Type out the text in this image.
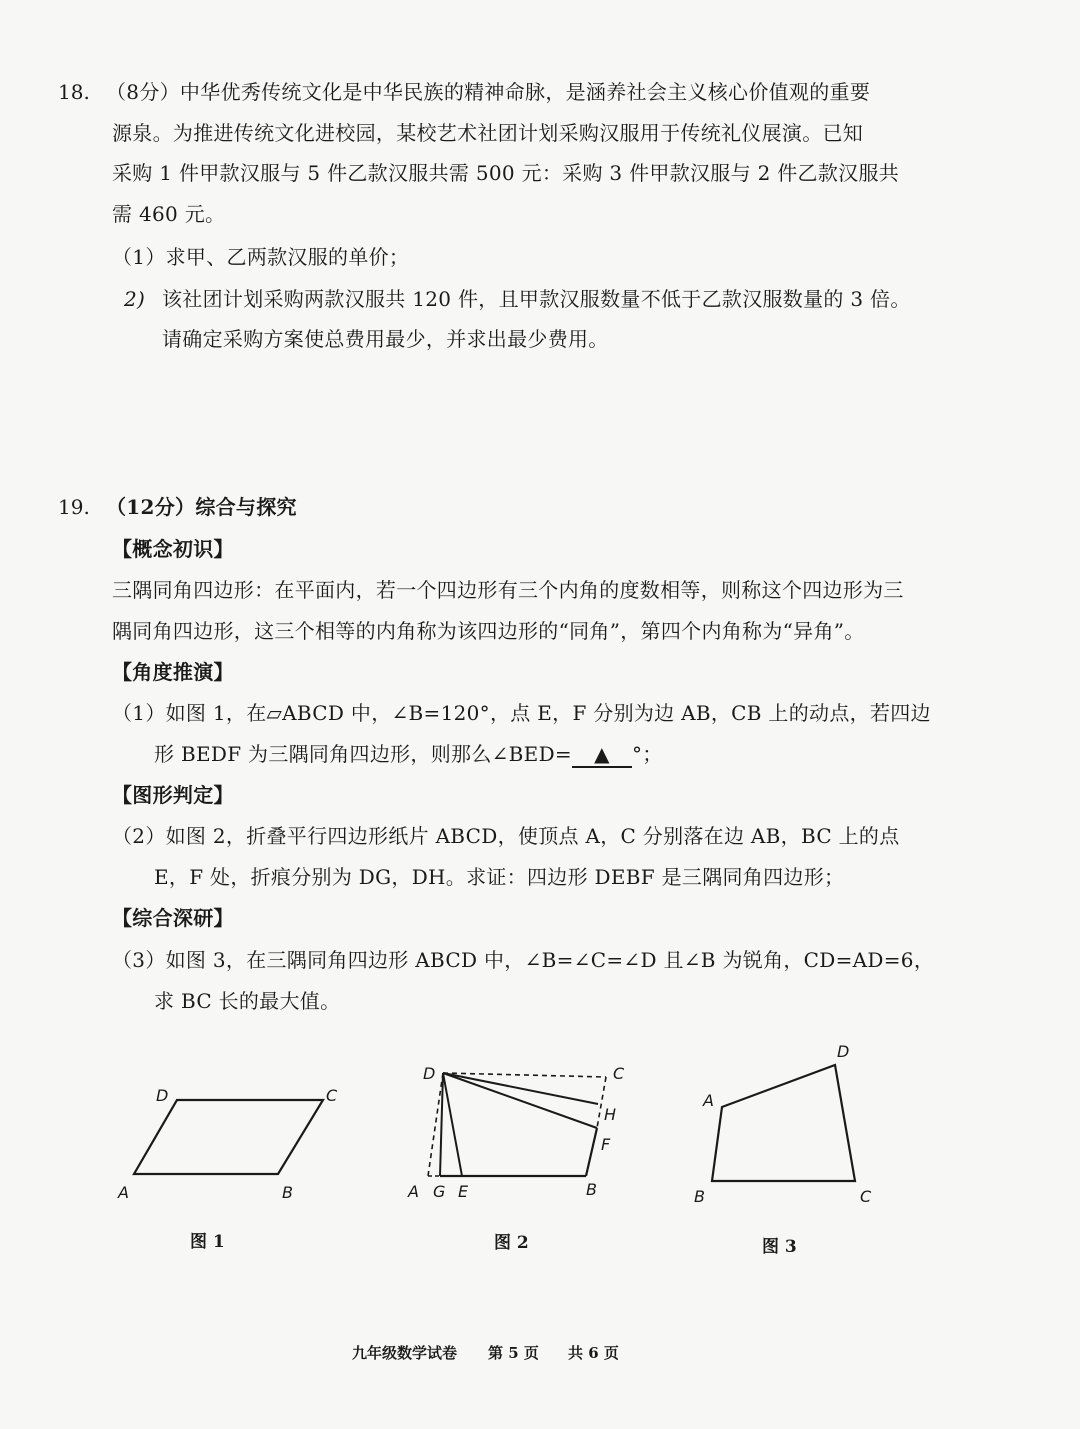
18. （8分）中华优秀传统文化是中华民族的精神命脉，是涵养社会主义核心价值观的重要
源泉。为推进传统文化进校园，某校艺术社团计划采购汉服用于传统礼仪展演。已知
采购 1 件甲款汉服与 5 件乙款汉服共需 500 元：采购 3 件甲款汉服与 2 件乙款汉服共
需 460 元。
（1）求甲、乙两款汉服的单价；
2) 该社团计划采购两款汉服共 120 件，且甲款汉服数量不低于乙款汉服数量的 3 倍。
请确定采购方案使总费用最少，并求出最少费用。
19. （12分）综合与探究
【概念初识】
三隅同角四边形：在平面内，若一个四边形有三个内角的度数相等，则称这个四边形为三
隅同角四边形，这三个相等的内角称为该四边形的“同角”，第四个内角称为“异角”。
【角度推演】
（1）如图 1，在▱ABCD 中，∠B=120°，点 E，F 分别为边 AB，CB 上的动点，若四边
形 BEDF 为三隅同角四边形，则那么∠BED= ▲ °；
【图形判定】
（2）如图 2，折叠平行四边形纸片 ABCD，使顶点 A，C 分别落在边 AB，BC 上的点
E，F 处，折痕分别为 DG，DH。求证：四边形 DEBF 是三隅同角四边形；
【综合深研】
（3）如图 3，在三隅同角四边形 ABCD 中，∠B=∠C=∠D 且∠B 为锐角，CD=AD=6，
求 BC 长的最大值。
D	C
A	B
D	C
H
F
A G E	B
D
A
B	C
图 1	图 2	图 3
九年级数学试卷 第 5 页 共 6 页
